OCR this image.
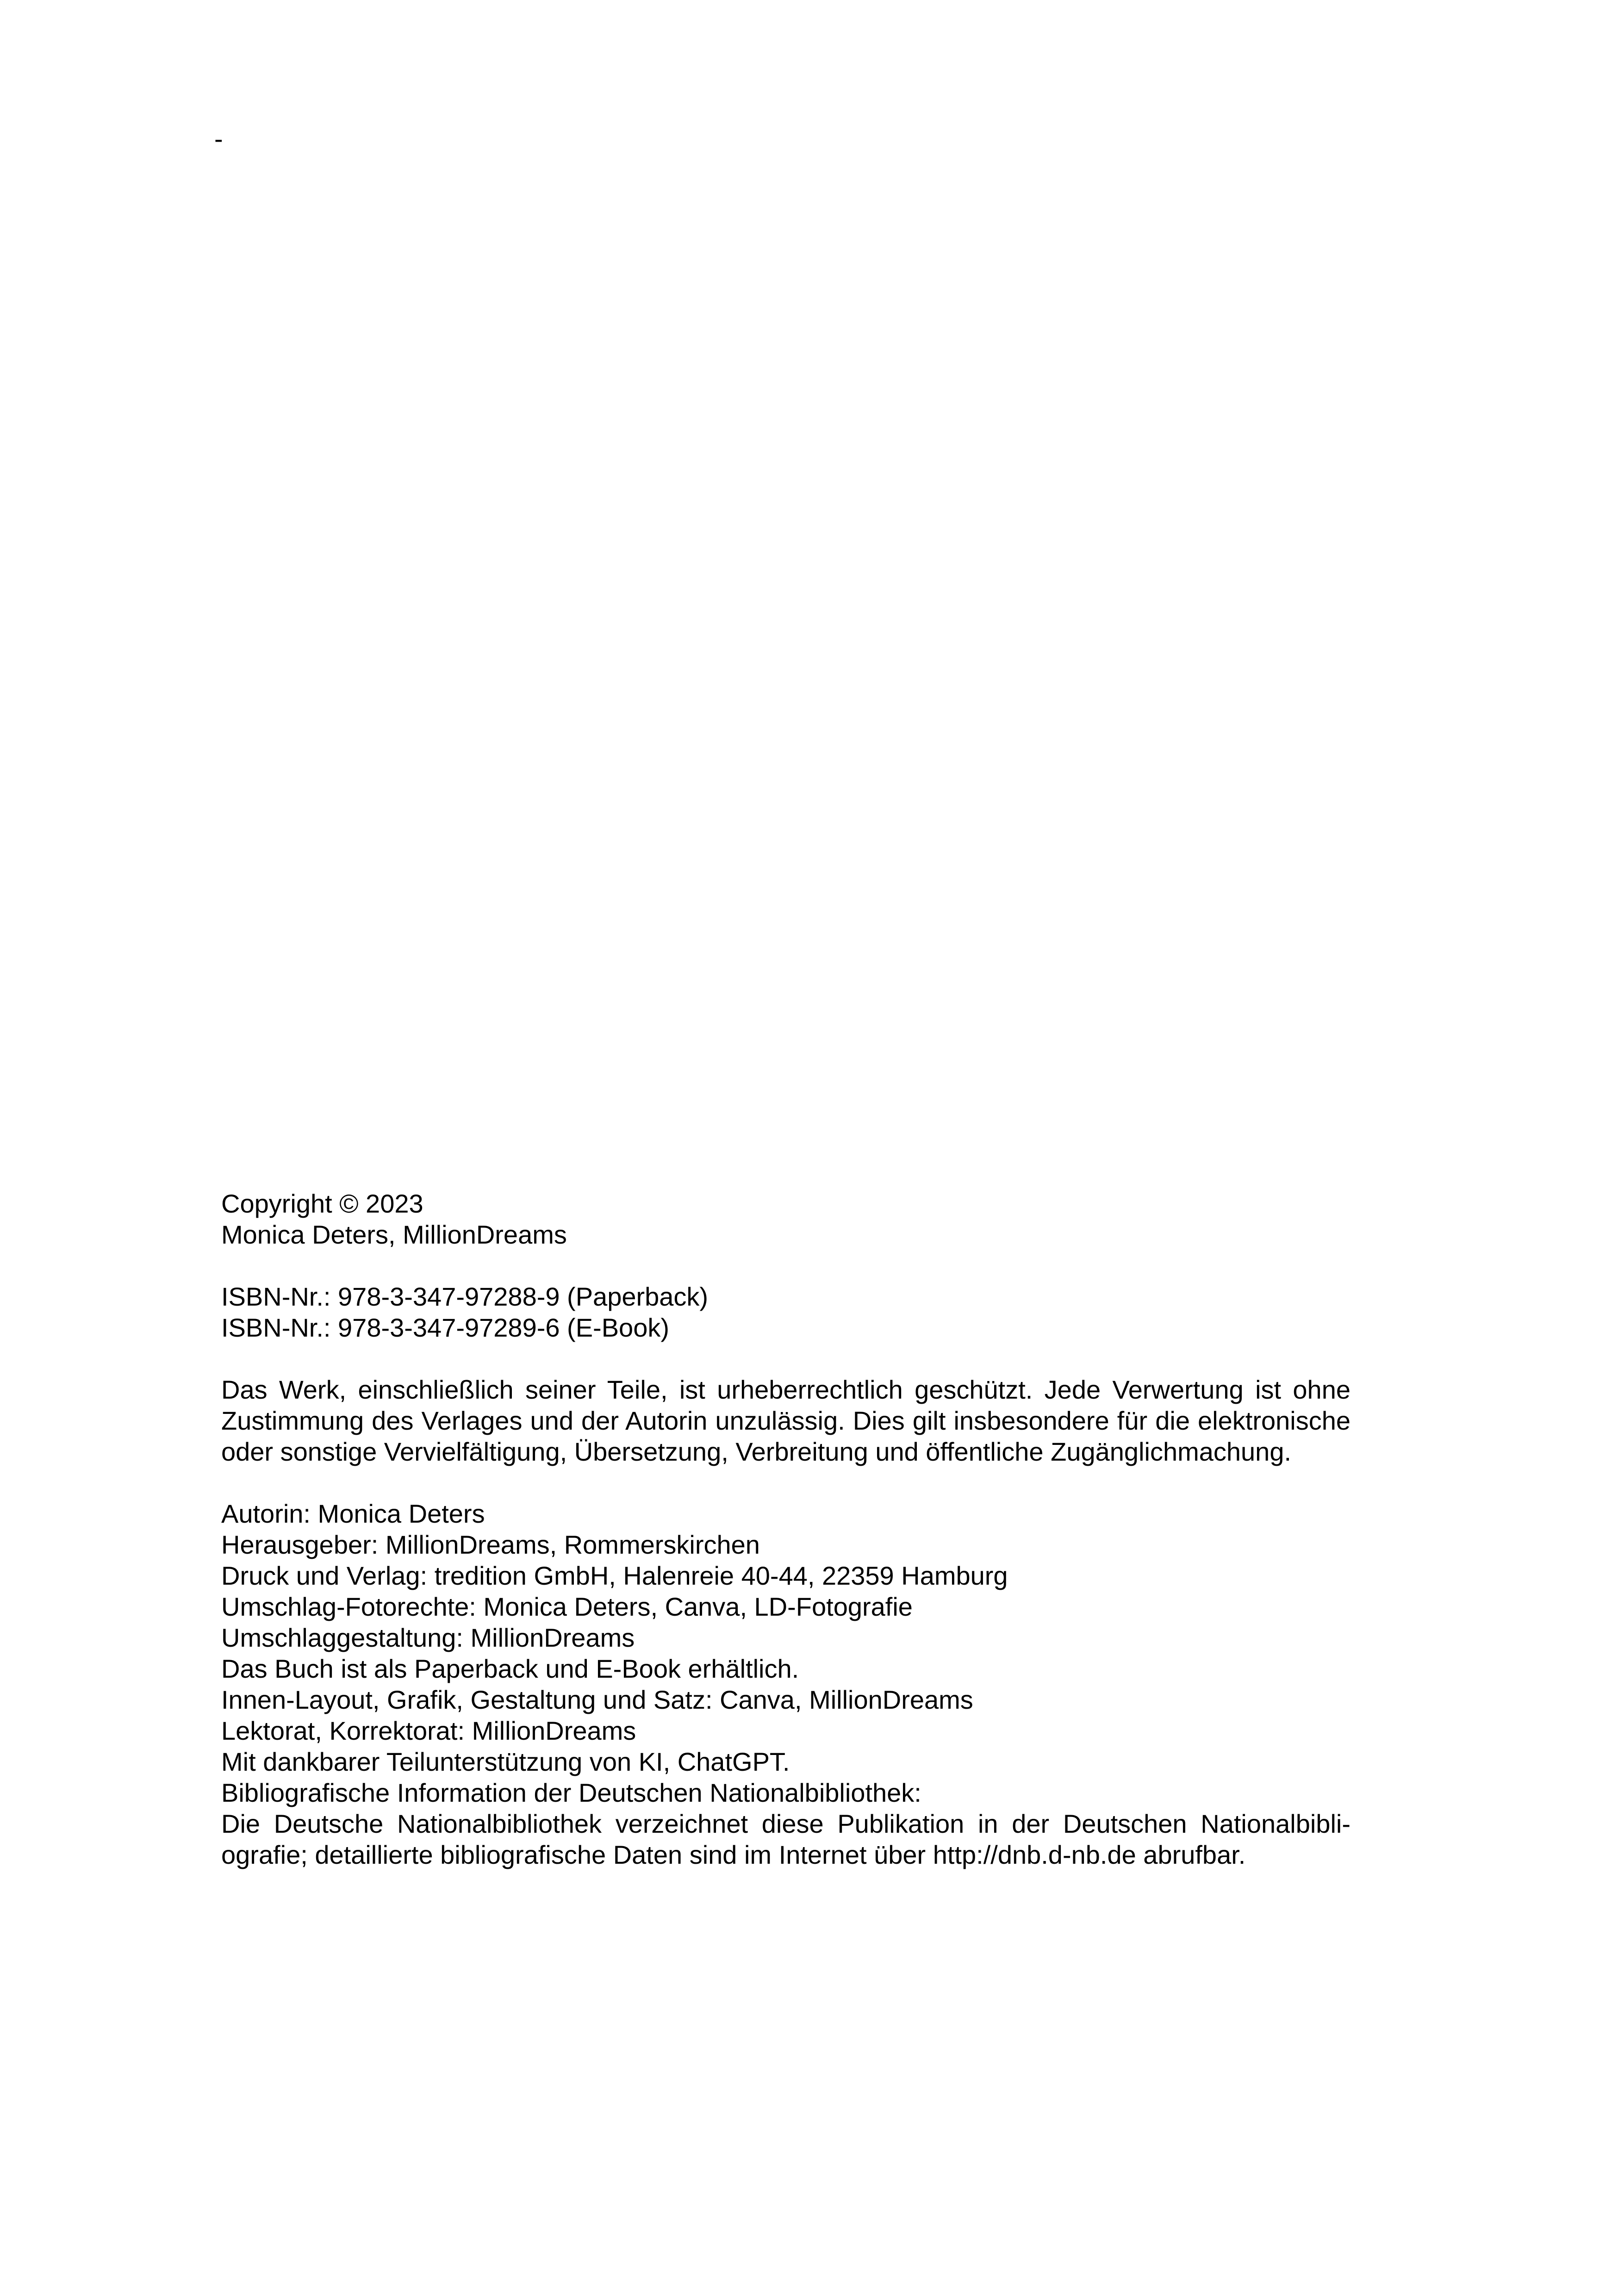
-
Copyright © 2023
Monica Deters, MillionDreams
ISBN-Nr.: 978-3-347-97288-9 (Paperback)
ISBN-Nr.: 978-3-347-97289-6 (E-Book)
Das Werk, einschließlich seiner Teile, ist urheberrechtlich geschützt. Jede Verwertung ist ohne Zustimmung des Verlages und der Autorin unzulässig. Dies gilt insbesondere für die elektronische oder sonstige Vervielfältigung, Übersetzung, Verbreitung und öffentliche Zugänglichmachung.
Autorin: Monica Deters
Herausgeber: MillionDreams, Rommerskirchen
Druck und Verlag: tredition GmbH, Halenreie 40-44, 22359 Hamburg
Umschlag-Fotorechte: Monica Deters, Canva, LD-Fotografie
Umschlaggestaltung: MillionDreams
Das Buch ist als Paperback und E-Book erhältlich.
Innen-Layout, Grafik, Gestaltung und Satz: Canva, MillionDreams
Lektorat, Korrektorat: MillionDreams
Mit dankbarer Teilunterstützung von KI, ChatGPT.
Bibliografische Information der Deutschen Nationalbibliothek:
Die Deutsche Nationalbibliothek verzeichnet diese Publikation in der Deutschen Nationalbibliografie; detaillierte bibliografische Daten sind im Internet über http://dnb.d-nb.de abrufbar.
